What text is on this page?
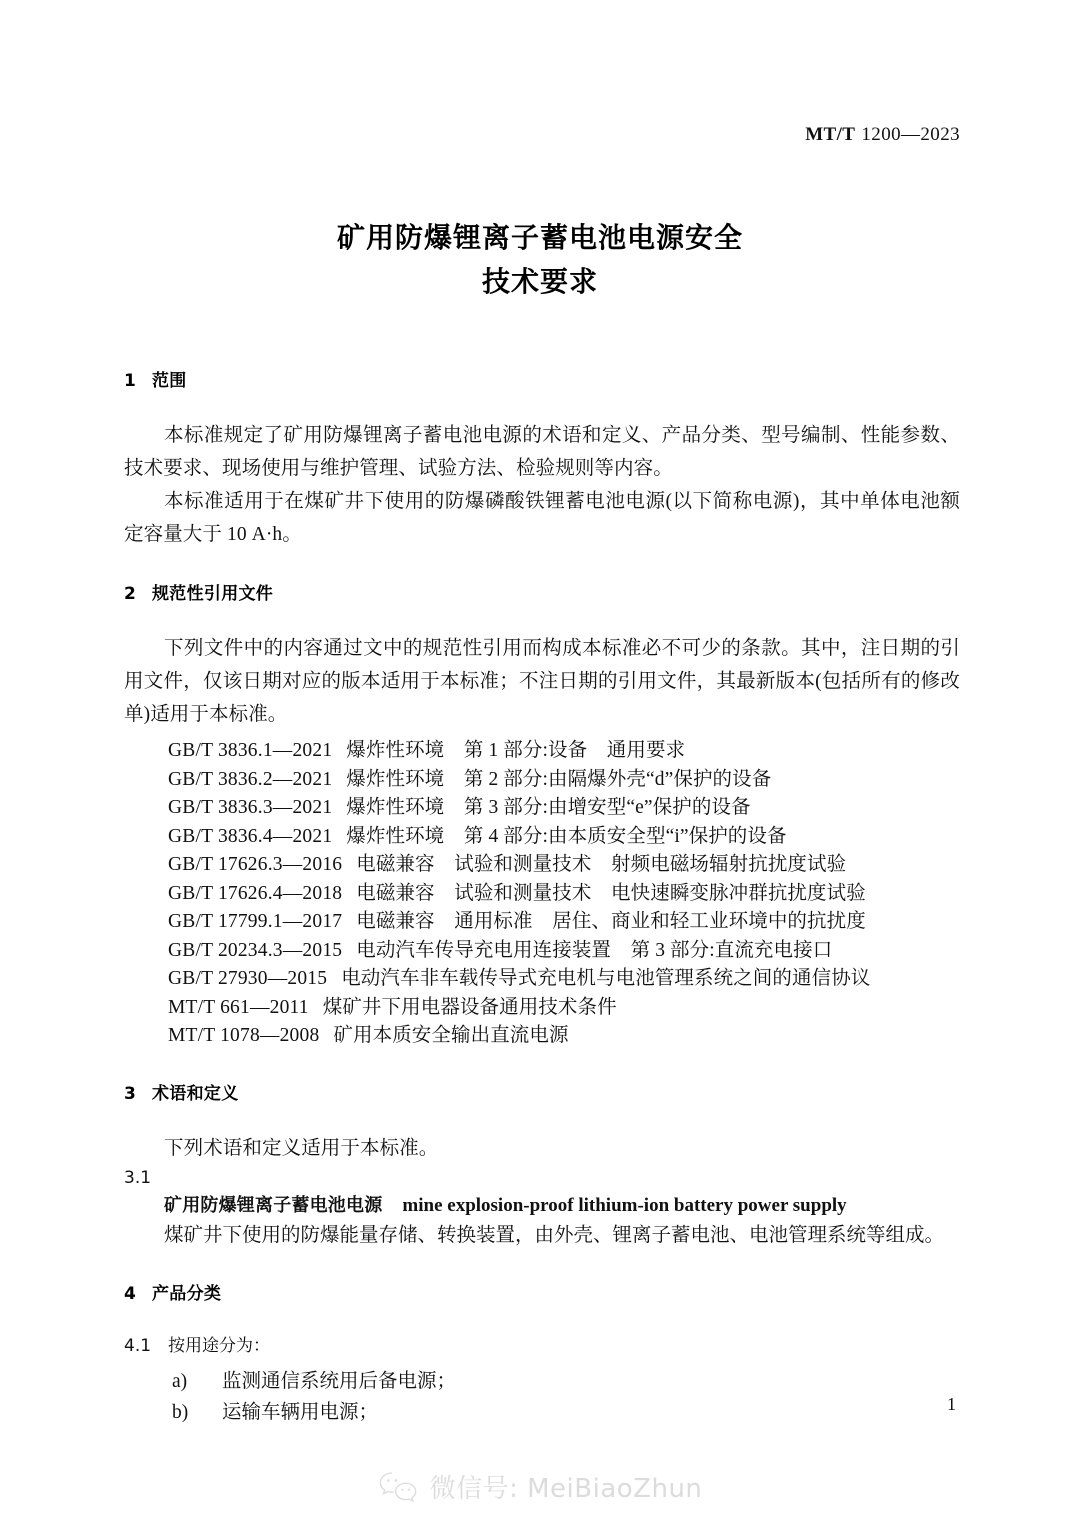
MT/T 1200—2023
矿用防爆锂离子蓄电池电源安全
技术要求
1 范围

本标准规定了矿用防爆锂离子蓄电池电源的术语和定义、产品分类、型号编制、性能参数、技术要求、现场使用与维护管理、试验方法、检验规则等内容。

本标准适用于在煤矿井下使用的防爆磷酸铁锂蓄电池电源(以下简称电源)，其中单体电池额定容量大于 10 A·h。

2 规范性引用文件

下列文件中的内容通过文中的规范性引用而构成本标准必不可少的条款。其中，注日期的引用文件，仅该日期对应的版本适用于本标准；不注日期的引用文件，其最新版本(包括所有的修改单)适用于本标准。

GB/T 3836.1—2021 爆炸性环境　第 1 部分:设备　通用要求
GB/T 3836.2—2021 爆炸性环境　第 2 部分:由隔爆外壳“d”保护的设备
GB/T 3836.3—2021 爆炸性环境　第 3 部分:由增安型“e”保护的设备
GB/T 3836.4—2021 爆炸性环境　第 4 部分:由本质安全型“i”保护的设备
GB/T 17626.3—2016 电磁兼容　试验和测量技术　射频电磁场辐射抗扰度试验
GB/T 17626.4—2018 电磁兼容　试验和测量技术　电快速瞬变脉冲群抗扰度试验
GB/T 17799.1—2017 电磁兼容　通用标准　居住、商业和轻工业环境中的抗扰度
GB/T 20234.3—2015 电动汽车传导充电用连接装置　第 3 部分:直流充电接口
GB/T 27930—2015 电动汽车非车载传导式充电机与电池管理系统之间的通信协议
MT/T 661—2011 煤矿井下用电器设备通用技术条件
MT/T 1078—2008 矿用本质安全输出直流电源
3 术语和定义

下列术语和定义适用于本标准。

3.1
矿用防爆锂离子蓄电池电源 mine explosion-proof lithium-ion battery power supply
煤矿井下使用的防爆能量存储、转换装置，由外壳、锂离子蓄电池、电池管理系统等组成。
4 产品分类
4.1 按用途分为：
a) 监测通信系统用后备电源；
b) 运输车辆用电源；	1
微信号: MeiBiaoZhun
